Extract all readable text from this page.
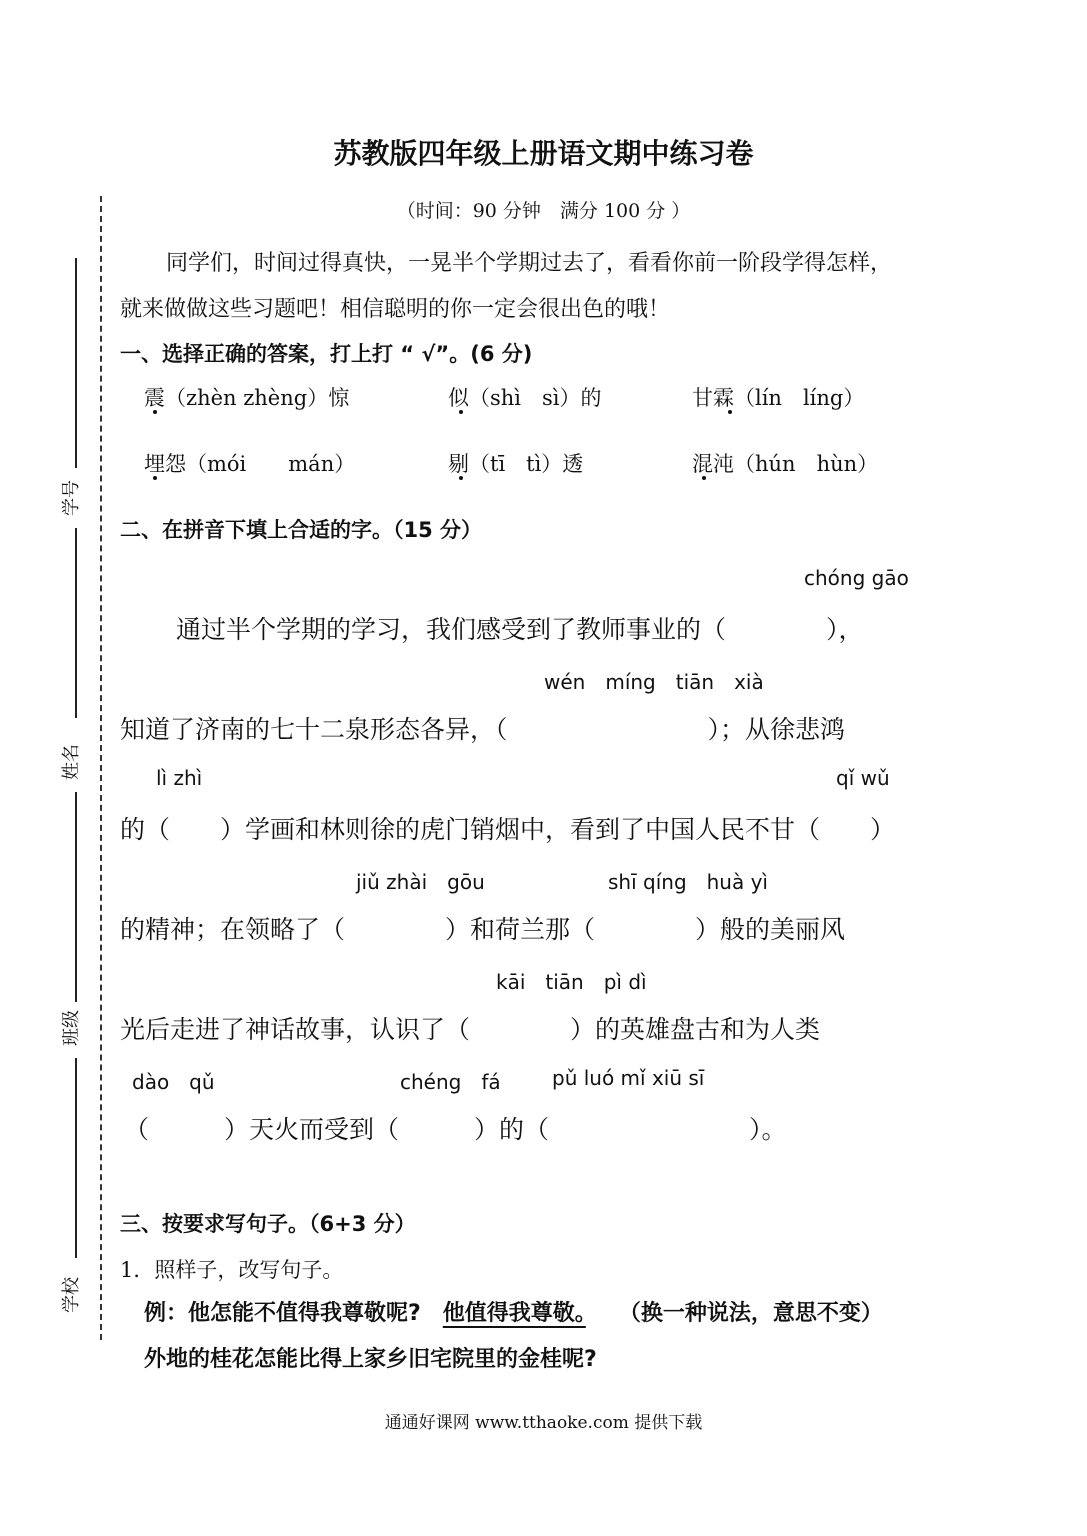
学号
姓名
班级
学校
苏教版四年级上册语文期中练习卷
（时间：90 分钟　满分 100 分 ）
同学们，时间过得真快，一晃半个学期过去了，看看你前一阶段学得怎样，
就来做做这些习题吧！相信聪明的你一定会很出色的哦！
一、选择正确的答案，打上打 “ √”。(6 分)
震（zhèn zhèng）惊	似（shì　sì）的	甘霖（lín　líng）
埋怨（mói　　mán）	剔（tī　tì）透	混沌（hún　hùn）
二、在拼音下填上合适的字。（15 分）
chóng gāo
通过半个学期的学习，我们感受到了教师事业的（　　　　），
wén　míng　tiān　xià
知道了济南的七十二泉形态各异，（　　　　　　　　）；从徐悲鸿
lì zhì	qǐ wǔ
的（　　）学画和林则徐的虎门销烟中，看到了中国人民不甘（　　）
jiǔ zhài　gōu	shī qíng　huà yì
的精神；在领略了（　　　　）和荷兰那（　　　　）般的美丽风
kāi　tiān　pì dì
光后走进了神话故事，认识了（　　　　）的英雄盘古和为人类
dào　qǔ	chéng　fá	pǔ luó mǐ xiū sī
（　　　）天火而受到（　　　）的（　　　　　　　　）。
三、按要求写句子。（6+3 分）
1．照样子，改写句子。
例：他怎能不值得我尊敬呢?　 他值得我尊敬。　　 （换一种说法，意思不变）
外地的桂花怎能比得上家乡旧宅院里的金桂呢?
通通好课网 www.tthaoke.com 提供下载
